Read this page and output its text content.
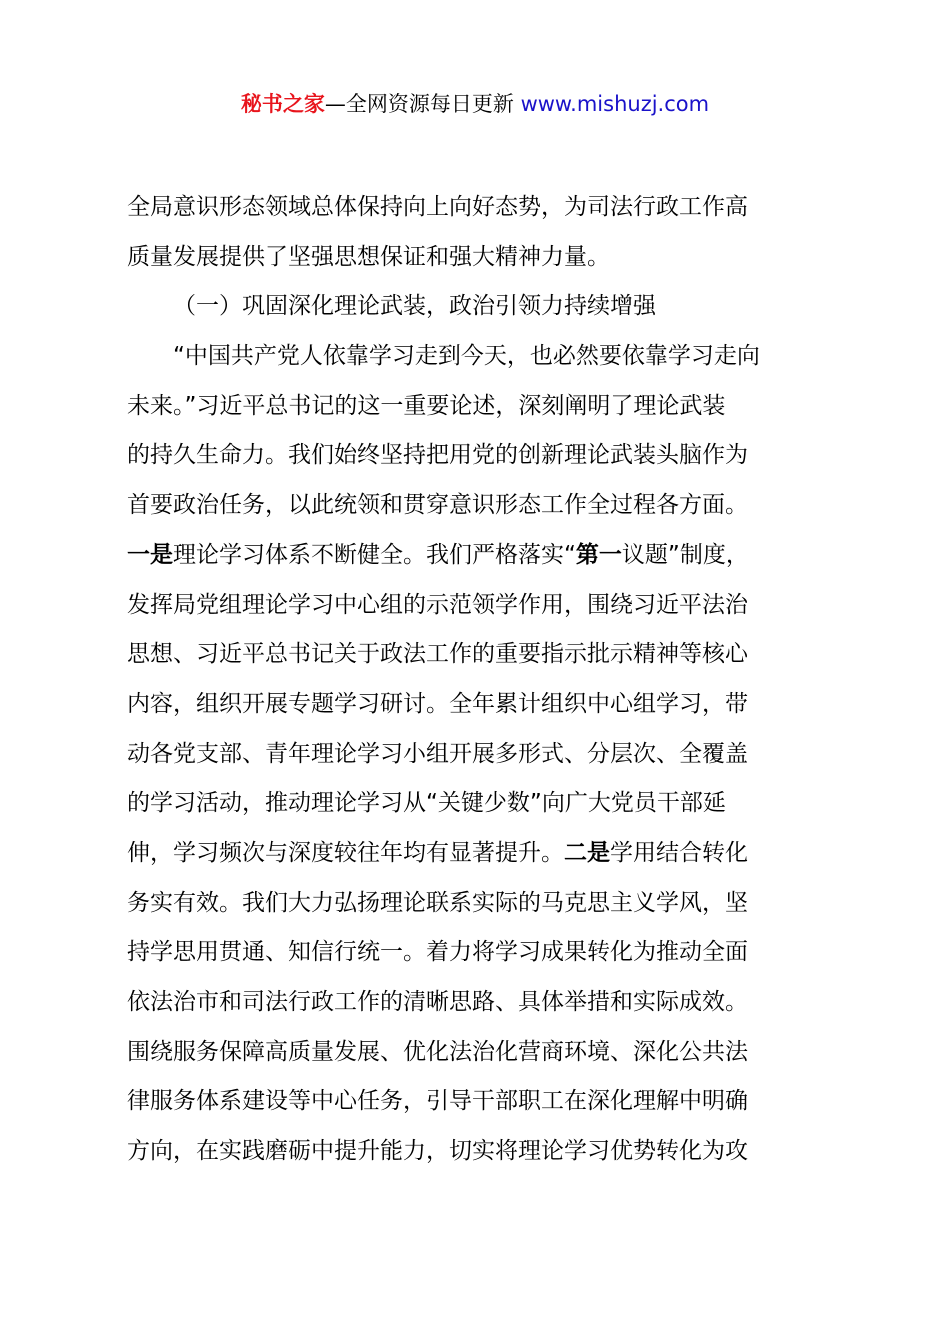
秘书之家—全网资源每日更新 www.mishuzj.com
全局意识形态领域总体保持向上向好态势，为司法行政工作高
质量发展提供了坚强思想保证和强大精神力量。
（一）巩固深化理论武装，政治引领力持续增强
“中国共产党人依靠学习走到今天，也必然要依靠学习走向
未来。”习近平总书记的这一重要论述，深刻阐明了理论武装
的持久生命力。我们始终坚持把用党的创新理论武装头脑作为
首要政治任务，以此统领和贯穿意识形态工作全过程各方面。
一是理论学习体系不断健全。我们严格落实“第一议题”制度，
发挥局党组理论学习中心组的示范领学作用，围绕习近平法治
思想、习近平总书记关于政法工作的重要指示批示精神等核心
内容，组织开展专题学习研讨。全年累计组织中心组学习，带
动各党支部、青年理论学习小组开展多形式、分层次、全覆盖
的学习活动，推动理论学习从“关键少数”向广大党员干部延
伸，学习频次与深度较往年均有显著提升。二是学用结合转化
务实有效。我们大力弘扬理论联系实际的马克思主义学风，坚
持学思用贯通、知信行统一。着力将学习成果转化为推动全面
依法治市和司法行政工作的清晰思路、具体举措和实际成效。
围绕服务保障高质量发展、优化法治化营商环境、深化公共法
律服务体系建设等中心任务，引导干部职工在深化理解中明确
方向，在实践磨砺中提升能力，切实将理论学习优势转化为攻
